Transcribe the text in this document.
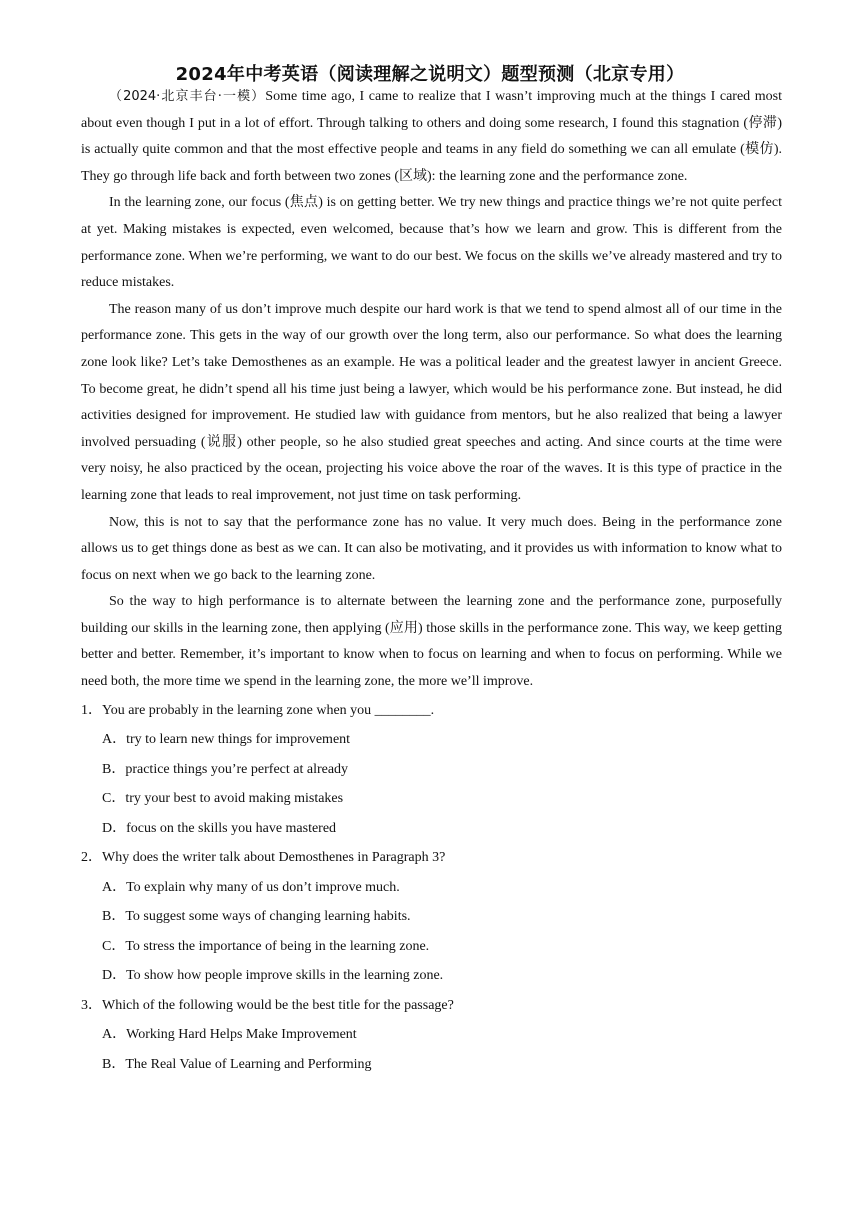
2024年中考英语（阅读理解之说明文）题型预测（北京专用）

（2024·北京丰台·一模）Some time ago, I came to realize that I wasn’t improving much at the things I cared most about even though I put in a lot of effort. Through talking to others and doing some research, I found this stagnation (停滞) is actually quite common and that the most effective people and teams in any field do something we can all emulate (模仿). They go through life back and forth between two zones (区域): the learning zone and the performance zone.

In the learning zone, our focus (焦点) is on getting better. We try new things and practice things we’re not quite perfect at yet. Making mistakes is expected, even welcomed, because that’s how we learn and grow. This is different from the performance zone. When we’re performing, we want to do our best. We focus on the skills we’ve already mastered and try to reduce mistakes.

The reason many of us don’t improve much despite our hard work is that we tend to spend almost all of our time in the performance zone. This gets in the way of our growth over the long term, also our performance. So what does the learning zone look like? Let’s take Demosthenes as an example. He was a political leader and the greatest lawyer in ancient Greece. To become great, he didn’t spend all his time just being a lawyer, which would be his performance zone. But instead, he did activities designed for improvement. He studied law with guidance from mentors, but he also realized that being a lawyer involved persuading (说服) other people, so he also studied great speeches and acting. And since courts at the time were very noisy, he also practiced by the ocean, projecting his voice above the roar of the waves. It is this type of practice in the learning zone that leads to real improvement, not just time on task performing.

Now, this is not to say that the performance zone has no value. It very much does. Being in the performance zone allows us to get things done as best as we can. It can also be motivating, and it provides us with information to know what to focus on next when we go back to the learning zone.

So the way to high performance is to alternate between the learning zone and the performance zone, purposefully building our skills in the learning zone, then applying (应用) those skills in the performance zone. This way, we keep getting better and better. Remember, it’s important to know when to focus on learning and when to focus on performing. While we need both, the more time we spend in the learning zone, the more we’ll improve.

1．You are probably in the learning zone when you ________.

A．try to learn new things for improvement

B．practice things you’re perfect at already

C．try your best to avoid making mistakes

D．focus on the skills you have mastered

2．Why does the writer talk about Demosthenes in Paragraph 3?

A．To explain why many of us don’t improve much.

B．To suggest some ways of changing learning habits.

C．To stress the importance of being in the learning zone.

D．To show how people improve skills in the learning zone.

3．Which of the following would be the best title for the passage?

A．Working Hard Helps Make Improvement

B．The Real Value of Learning and Performing
